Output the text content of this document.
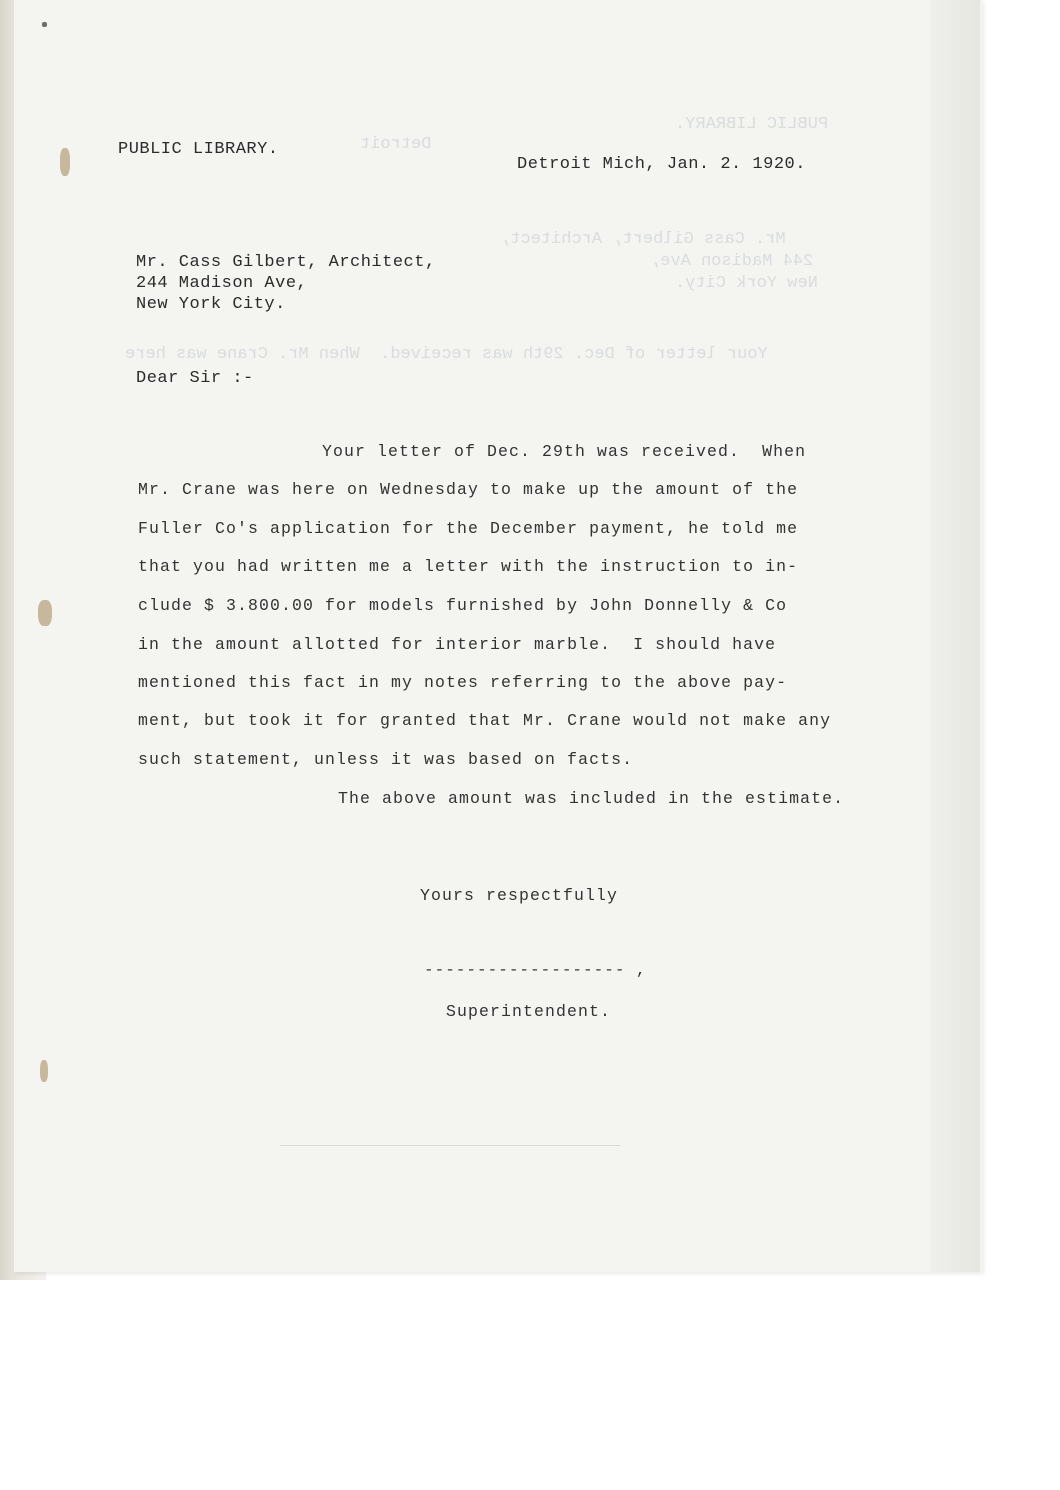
PUBLIC LIBRARY.
Detroit
Mr. Cass Gilbert, Architect,
244 Madison Ave,
New York City.
Your letter of Dec. 29th was received.  When Mr. Crane was here
PUBLIC LIBRARY.
Detroit Mich, Jan. 2. 1920.
Mr. Cass Gilbert, Architect,
244 Madison Ave,
New York City.
Dear Sir :-
Your letter of Dec. 29th was received.  When
Mr. Crane was here on Wednesday to make up the amount of the
Fuller Co's application for the December payment, he told me
that you had written me a letter with the instruction to in-
clude $ 3.800.00 for models furnished by John Donnelly & Co
in the amount allotted for interior marble.  I should have
mentioned this fact in my notes referring to the above pay-
ment, but took it for granted that Mr. Crane would not make any
such statement, unless it was based on facts.
The above amount was included in the estimate.
Yours respectfully
------------------- ,
Superintendent.
